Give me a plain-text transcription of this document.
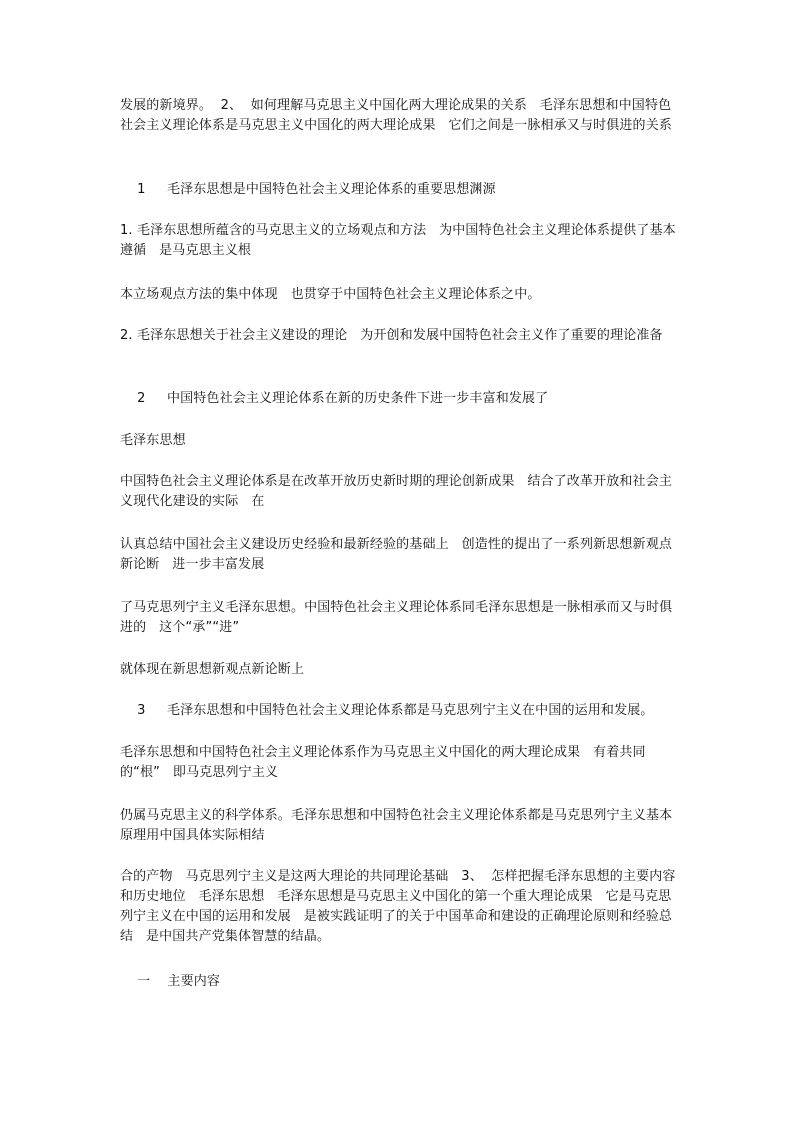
发展的新境界。  2、  如何理解马克思主义中国化两大理论成果的关系   毛泽东思想和中国特色社会主义理论体系是马克思主义中国化的两大理论成果   它们之间是一脉相承又与时俱进的关系
1     毛泽东思想是中国特色社会主义理论体系的重要思想渊源
1. 毛泽东思想所蕴含的马克思主义的立场观点和方法   为中国特色社会主义理论体系提供了基本遵循   是马克思主义根
本立场观点方法的集中体现   也贯穿于中国特色社会主义理论体系之中。
2. 毛泽东思想关于社会主义建设的理论   为开创和发展中国特色社会主义作了重要的理论准备
2     中国特色社会主义理论体系在新的历史条件下进一步丰富和发展了
毛泽东思想
中国特色社会主义理论体系是在改革开放历史新时期的理论创新成果   结合了改革开放和社会主义现代化建设的实际   在
认真总结中国社会主义建设历史经验和最新经验的基础上   创造性的提出了一系列新思想新观点新论断   进一步丰富发展
了马克思列宁主义毛泽东思想。中国特色社会主义理论体系同毛泽东思想是一脉相承而又与时俱进的   这个“承”“进”
就体现在新思想新观点新论断上
3     毛泽东思想和中国特色社会主义理论体系都是马克思列宁主义在中国的运用和发展。
毛泽东思想和中国特色社会主义理论体系作为马克思主义中国化的两大理论成果   有着共同的“根”   即马克思列宁主义
仍属马克思主义的科学体系。毛泽东思想和中国特色社会主义理论体系都是马克思列宁主义基本原理用中国具体实际相结
合的产物   马克思列宁主义是这两大理论的共同理论基础   3、  怎样把握毛泽东思想的主要内容和历史地位   毛泽东思想   毛泽东思想是马克思主义中国化的第一个重大理论成果   它是马克思列宁主义在中国的运用和发展   是被实践证明了的关于中国革命和建设的正确理论原则和经验总结   是中国共产党集体智慧的结晶。
一    主要内容
